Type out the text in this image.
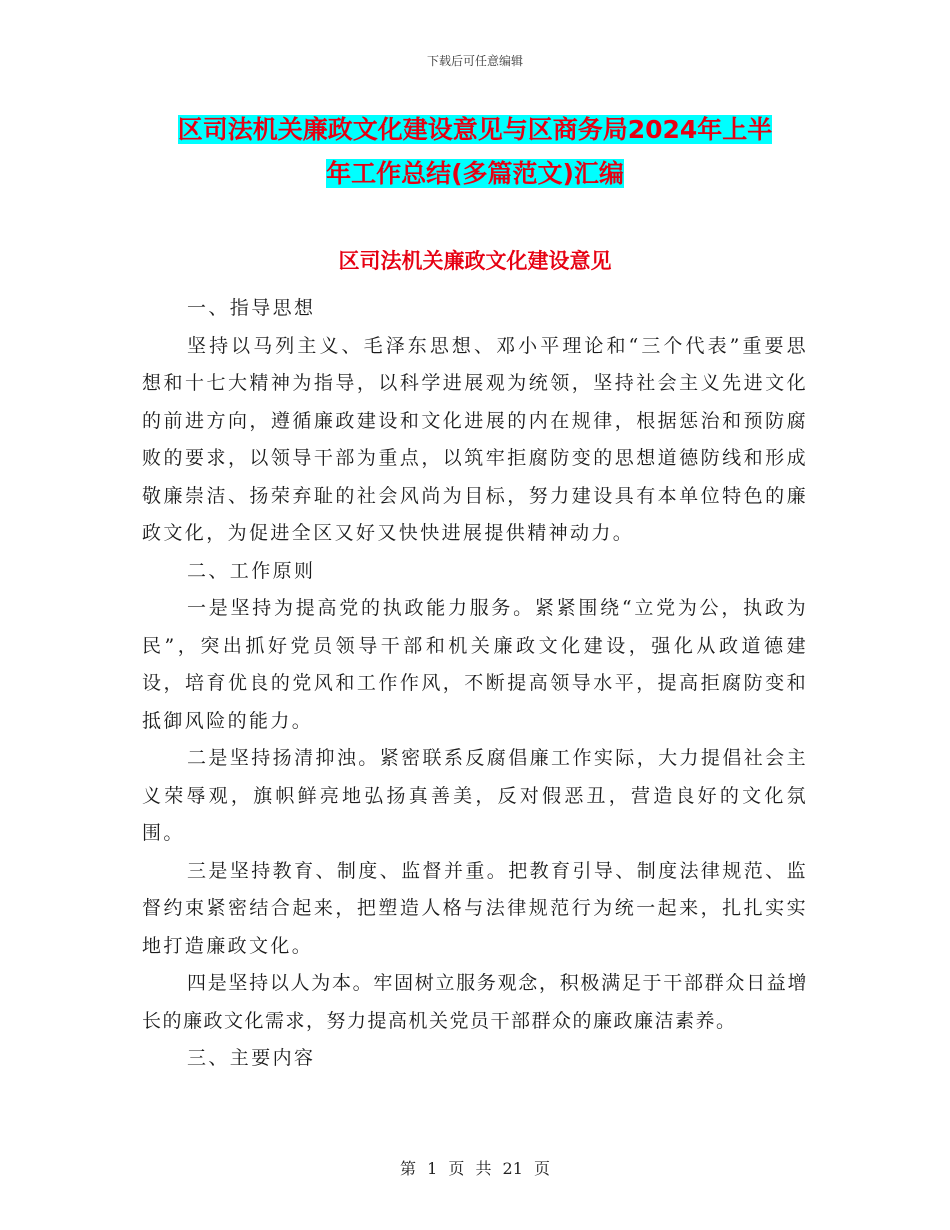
下载后可任意编辑
区司法机关廉政文化建设意见与区商务局2024年上半
年工作总结(多篇范文)汇编
区司法机关廉政文化建设意见

一、指导思想

坚持以马列主义、毛泽东思想、邓小平理论和“三个代表”重要思想和十七大精神为指导，以科学进展观为统领，坚持社会主义先进文化的前进方向，遵循廉政建设和文化进展的内在规律，根据惩治和预防腐败的要求，以领导干部为重点，以筑牢拒腐防变的思想道德防线和形成敬廉崇洁、扬荣弃耻的社会风尚为目标，努力建设具有本单位特色的廉政文化，为促进全区又好又快快进展提供精神动力。

二、工作原则

一是坚持为提高党的执政能力服务。紧紧围绕“立党为公，执政为民”，突出抓好党员领导干部和机关廉政文化建设，强化从政道德建设，培育优良的党风和工作作风，不断提高领导水平，提高拒腐防变和抵御风险的能力。

二是坚持扬清抑浊。紧密联系反腐倡廉工作实际，大力提倡社会主义荣辱观，旗帜鲜亮地弘扬真善美，反对假恶丑，营造良好的文化氛围。

三是坚持教育、制度、监督并重。把教育引导、制度法律规范、监督约束紧密结合起来，把塑造人格与法律规范行为统一起来，扎扎实实地打造廉政文化。

四是坚持以人为本。牢固树立服务观念，积极满足于干部群众日益增长的廉政文化需求，努力提高机关党员干部群众的廉政廉洁素养。

三、主要内容

第 1 页 共 21 页
